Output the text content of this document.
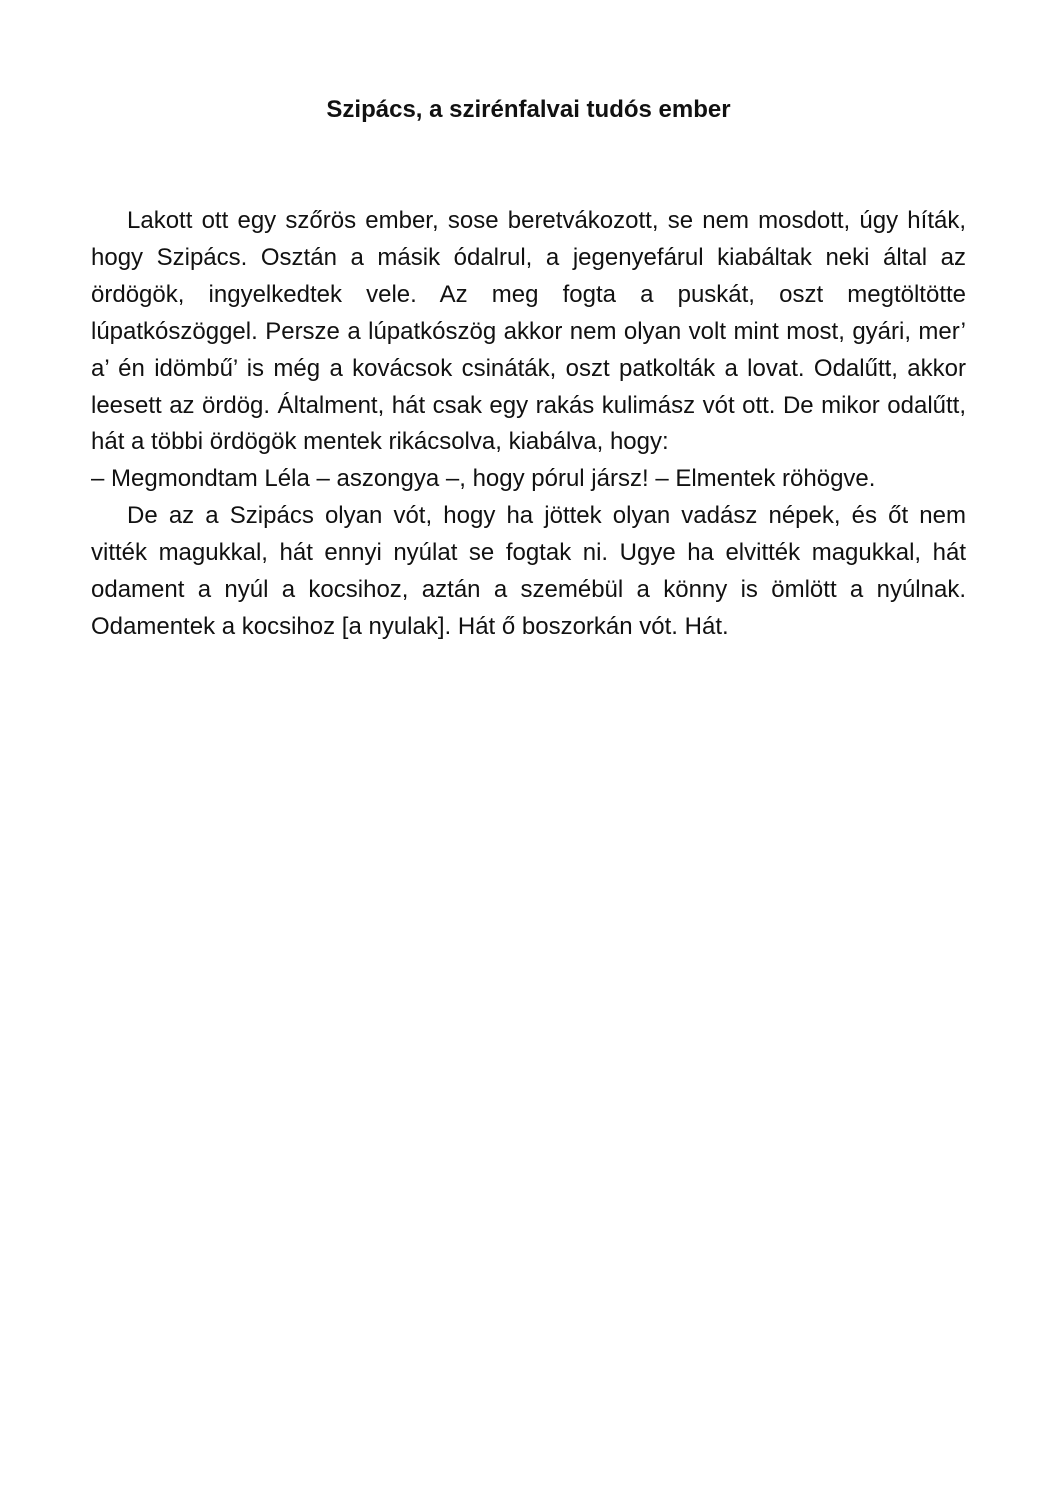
Szipács, a szirénfalvai tudós ember

Lakott ott egy szőrös ember, sose beretvákozott, se nem mosdott, úgy híták, hogy Szipács. Osztán a másik ódalrul, a jegenyefárul kiabáltak neki által az ördögök, ingyelkedtek vele. Az meg fogta a puskát, oszt megtöltötte lúpatkószöggel. Persze a lúpatkószög akkor nem olyan volt mint most, gyári, mer’ a’ én idömbű’ is még a kovácsok csináták, oszt patkolták a lovat. Odalűtt, akkor leesett az ördög. Általment, hát csak egy rakás kulimász vót ott. De mikor odalűtt, hát a többi ördögök mentek rikácsolva, kiabálva, hogy:

– Megmondtam Léla – aszongya –, hogy pórul jársz! – Elmentek röhögve.

De az a Szipács olyan vót, hogy ha jöttek olyan vadász népek, és őt nem vitték magukkal, hát ennyi nyúlat se fogtak ni. Ugye ha elvitték magukkal, hát odament a nyúl a kocsihoz, aztán a szemébül a könny is ömlött a nyúlnak. Odamentek a kocsihoz [a nyulak]. Hát ő boszorkán vót. Hát.
